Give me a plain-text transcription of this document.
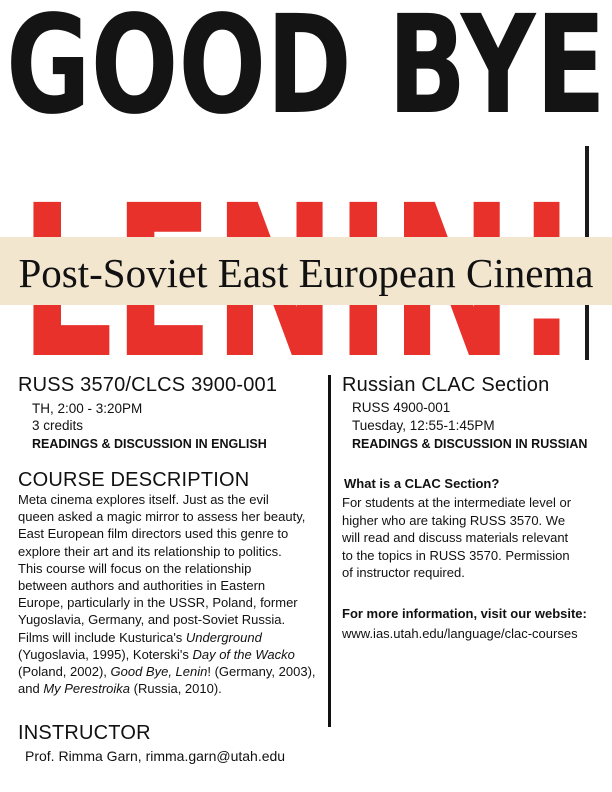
GOOD BYE
Post-Soviet East European Cinema
RUSS 3570/CLCS 3900-001
TH, 2:00 - 3:20PM
3 credits
READINGS & DISCUSSION IN ENGLISH
COURSE DESCRIPTION

Meta cinema explores itself. Just as the evil

queen asked a magic mirror to assess her beauty,

East European film directors used this genre to

explore their art and its relationship to politics.

This course will focus on the relationship

between authors and authorities in Eastern

Europe, particularly in the USSR, Poland, former

Yugoslavia, Germany, and post-Soviet Russia.

Films will include Kusturica's Underground

(Yugoslavia, 1995), Koterski's Day of the Wacko

(Poland, 2002), Good Bye, Lenin! (Germany, 2003),

and My Perestroika (Russia, 2010).

INSTRUCTOR
Prof. Rimma Garn, rimma.garn@utah.edu
Russian CLAC Section
RUSS 4900-001
Tuesday, 12:55-1:45PM
READINGS & DISCUSSION IN RUSSIAN
What is a CLAC Section?

For students at the intermediate level or

higher who are taking RUSS 3570. We

will read and discuss materials relevant

to the topics in RUSS 3570. Permission

of instructor required.

For more information, visit our website:
www.ias.utah.edu/language/clac-courses
